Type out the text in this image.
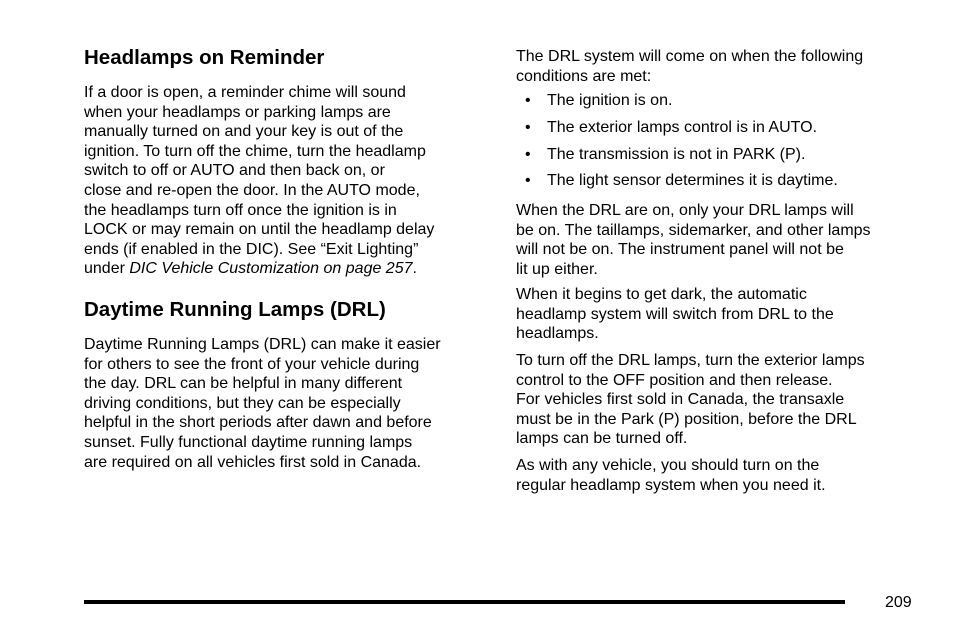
Headlamps on Reminder

If a door is open, a reminder chime will sound
when your headlamps or parking lamps are
manually turned on and your key is out of the
ignition. To turn off the chime, turn the headlamp
switch to off or AUTO and then back on, or
close and re-open the door. In the AUTO mode,
the headlamps turn off once the ignition is in
LOCK or may remain on until the headlamp delay
ends (if enabled in the DIC). See “Exit Lighting”
under DIC Vehicle Customization on page 257.

Daytime Running Lamps (DRL)

Daytime Running Lamps (DRL) can make it easier
for others to see the front of your vehicle during
the day. DRL can be helpful in many different
driving conditions, but they can be especially
helpful in the short periods after dawn and before
sunset. Fully functional daytime running lamps
are required on all vehicles first sold in Canada.

The DRL system will come on when the following
conditions are met:

• The ignition is on.
• The exterior lamps control is in AUTO.
• The transmission is not in PARK (P).
• The light sensor determines it is daytime.

When the DRL are on, only your DRL lamps will
be on. The taillamps, sidemarker, and other lamps
will not be on. The instrument panel will not be
lit up either.

When it begins to get dark, the automatic
headlamp system will switch from DRL to the
headlamps.

To turn off the DRL lamps, turn the exterior lamps
control to the OFF position and then release.
For vehicles first sold in Canada, the transaxle
must be in the Park (P) position, before the DRL
lamps can be turned off.

As with any vehicle, you should turn on the
regular headlamp system when you need it.

209
